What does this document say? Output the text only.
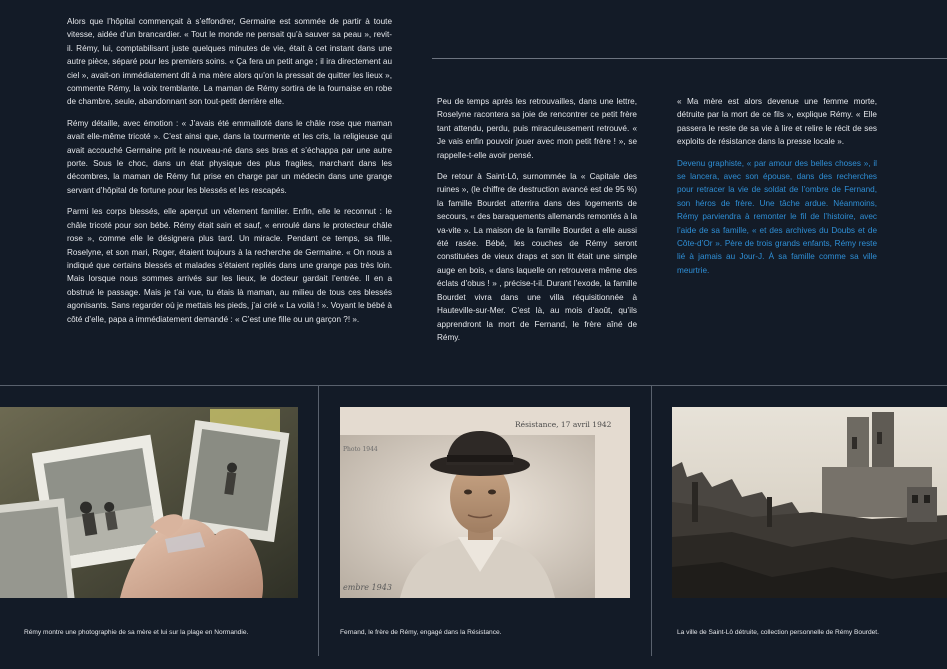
Alors que l’hôpital commençait à s’effondrer, Germaine est sommée de partir à toute vitesse, aidée d’un brancardier. « Tout le monde ne pensait qu’à sauver sa peau », revit-il. Rémy, lui, comptabilisant juste quelques minutes de vie, était à cet instant dans une autre pièce, séparé pour les premiers soins. « Ça fera un petit ange ; il ira directement au ciel », avait-on immédiatement dit à ma mère alors qu’on la pressait de quitter les lieux », commente Rémy, la voix tremblante. La maman de Rémy sortira de la fournaise en robe de chambre, seule, abandonnant son tout-petit derrière elle.

Rémy détaille, avec émotion : « J’avais été emmailloté dans le châle rose que maman avait elle-même tricoté ». C’est ainsi que, dans la tourmente et les cris, la religieuse qui avait accouché Germaine prit le nouveau-né dans ses bras et s’échappa par une autre porte. Sous le choc, dans un état physique des plus fragiles, marchant dans les décombres, la maman de Rémy fut prise en charge par un médecin dans une grange servant d’hôpital de fortune pour les blessés et les rescapés.

Parmi les corps blessés, elle aperçut un vêtement familier. Enfin, elle le reconnut : le châle tricoté pour son bébé. Rémy était sain et sauf, « enroulé dans le protecteur châle rose », comme elle le désignera plus tard. Un miracle. Pendant ce temps, sa fille, Roselyne, et son mari, Roger, étaient toujours à la recherche de Germaine. « On nous a indiqué que certains blessés et malades s’étaient repliés dans une grange pas très loin. Mais lorsque nous sommes arrivés sur les lieux, le docteur gardait l’entrée. Il en a obstrué le passage. Mais je t’ai vue, tu étais là maman, au milieu de tous ces blessés agonisants. Sans regarder où je mettais les pieds, j’ai crié « La voilà ! ». Voyant le bébé à côté d’elle, papa a immédiatement demandé : « C’est une fille ou un garçon ?! ».

Peu de temps après les retrouvailles, dans une lettre, Roselyne racontera sa joie de rencontrer ce petit frère tant attendu, perdu, puis miraculeusement retrouvé. « Je vais enfin pouvoir jouer avec mon petit frère ! », se rappelle-t-elle avoir pensé.

De retour à Saint-Lô, surnommée la « Capitale des ruines », (le chiffre de destruction avancé est de 95 %) la famille Bourdet atterrira dans des logements de secours, « des baraquements allemands remontés à la va-vite ». La maison de la famille Bourdet a elle aussi été rasée. Bébé, les couches de Rémy seront constituées de vieux draps et son lit était une simple auge en bois, « dans laquelle on retrouvera même des éclats d’obus ! » , précise-t-il. Durant l’exode, la famille Bourdet vivra dans une villa réquisitionnée à Hauteville-sur-Mer. C’est là, au mois d’août, qu’ils apprendront la mort de Fernand, le frère aîné de Rémy.

« Ma mère est alors devenue une femme morte, détruite par la mort de ce fils », explique Rémy. « Elle passera le reste de sa vie à lire et relire le récit de ses exploits de résistance dans la presse locale ».

Devenu graphiste, « par amour des belles choses », il se lancera, avec son épouse, dans des recherches pour retracer la vie de soldat de l’ombre de Fernand, son héros de frère. Une tâche ardue. Néanmoins, Rémy parviendra à remonter le fil de l’histoire, avec l’aide de sa famille, « et des archives du Doubs et de Côte-d’Or ». Père de trois grands enfants, Rémy reste lié à jamais au Jour-J. À sa famille comme sa ville meurtrie.

Résistance, 17 avril 1942
Photo 1944
embre 1943
Rémy montre une photographie de sa mère et lui sur la plage en Normandie.	Fernand, le frère de Rémy, engagé dans la Résistance.	La ville de Saint-Lô détruite, collection personnelle de Rémy Bourdet.
